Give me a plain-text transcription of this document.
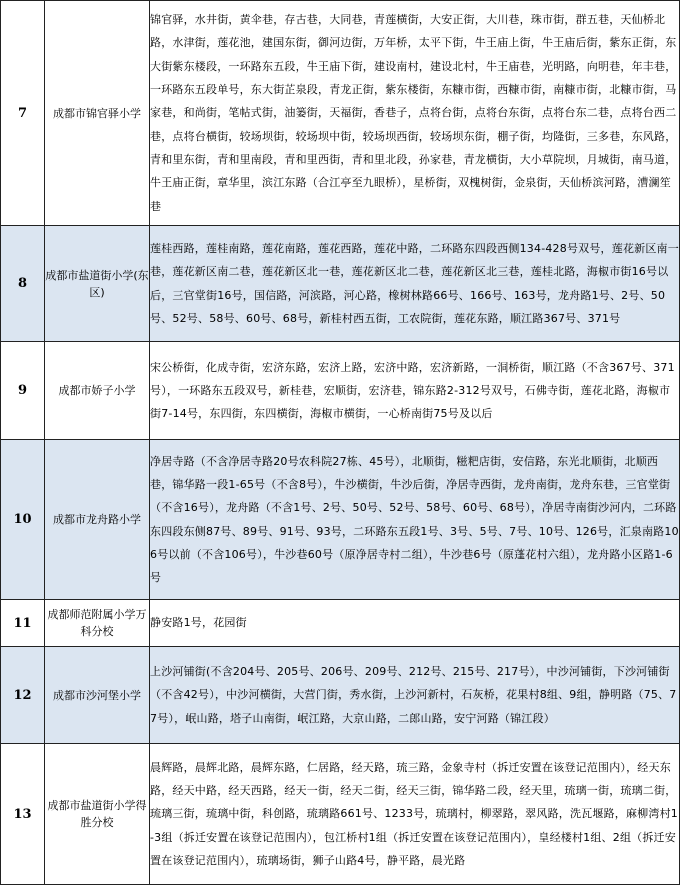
7	成都市锦官驿小学	锦官驿，水井街，黄伞巷，存古巷，大同巷，青莲横街，大安正街，大川巷，珠市街，群五巷，天仙桥北路，水津街，莲花池，建国东街，御河边街，万年桥，太平下街，牛王庙上街，牛王庙后街，紫东正街，东大街紫东楼段，一环路东五段，牛王庙下街，建设南村，建设北村，牛王庙巷，光明路，向明巷，年丰巷，一环路东五段单号，东大街芷泉段，青龙正街，紫东楼街，东糠市街，西糠市街，南糠市街，北糠市街，马家巷，和尚街，笔帖式街，油篓街，天福街，香巷子，点将台街，点将台东街，点将台东二巷，点将台西二巷，点将台横街，较场坝街，较场坝中街，较场坝西街，较场坝东街，棚子街，均隆街，三多巷，东风路，青和里东街，青和里南段，青和里西街，青和里北段，孙家巷，青龙横街，大小草院坝，月城街，南马道，牛王庙正街，章华里，滨江东路（合江亭至九眼桥），星桥街，双槐树街，金泉街，天仙桥滨河路，漕澜笙巷
8	成都市盐道街小学(东区)	莲桂西路，莲桂南路，莲花南路，莲花西路，莲花中路，二环路东四段西侧134-428号双号，莲花新区南一巷，莲花新区南二巷，莲花新区北一巷，莲花新区北二巷，莲花新区北三巷，莲桂北路，海椒市街16号以后，三官堂街16号，国信路，河滨路，河心路，橡树林路66号、166号、163号，龙舟路1号、2号、50号、52号、58号、60号、68号，新桂村西五街，工农院街，莲花东路，顺江路367号、371号
9	成都市娇子小学	宋公桥街，化成寺街，宏济东路，宏济上路，宏济中路，宏济新路，一洞桥街，顺江路（不含367号、371号），一环路东五段双号，新桂巷，宏顺街，宏济巷，锦东路2-312号双号，石佛寺街，莲花北路，海椒市街7-14号，东四街，东四横街，海椒市横街，一心桥南街75号及以后
10	成都市龙舟路小学	净居寺路（不含净居寺路20号农科院27栋、45号），北顺街，糍粑店街，安信路，东光北顺街，北顺西巷，锦华路一段1-65号（不含8号），牛沙横街，牛沙后街，净居寺西街，龙舟南街，龙舟东巷，三官堂街（不含16号），龙舟路（不含1号、2号、50号、52号、58号、60号、68号），净居寺南街沙河内，二环路东四段东侧87号、89号、91号、93号，二环路东五段1号、3号、5号、7号、10号、126号，汇泉南路106号以前（不含106号），牛沙巷60号（原净居寺村二组），牛沙巷6号（原蓬花村六组），龙舟路小区路1-6号
11	成都师范附属小学万科分校	静安路1号，花园街
12	成都市沙河堡小学	上沙河铺街(不含204号、205号、206号、209号、212号、215号、217号），中沙河铺街，下沙河铺街（不含42号），中沙河横街，大营门街，秀水街，上沙河新村，石灰桥，花果村8组、9组，静明路（75、77号），岷山路，塔子山南街，岷江路，大京山路，二郎山路，安宁河路（锦江段）
13	成都市盐道街小学得胜分校	晨辉路，晨辉北路，晨辉东路，仁居路，经天路，琉三路，金象寺村（拆迁安置在该登记范围内），经天东路，经天中路，经天西路，经天一街，经天二街，经天三街，锦华路二段，经天里，琉璃一街，琉璃二街，琉璃三街，琉璃中街，科创路，琉璃路661号、1233号，琉璃村，柳翠路，翠风路，洗瓦堰路，麻柳湾村1-3组（拆迁安置在该登记范围内），包江桥村1组（拆迁安置在该登记范围内），皇经楼村1组、2组（拆迁安置在该登记范围内），琉璃场街，狮子山路4号，静平路，晨光路
